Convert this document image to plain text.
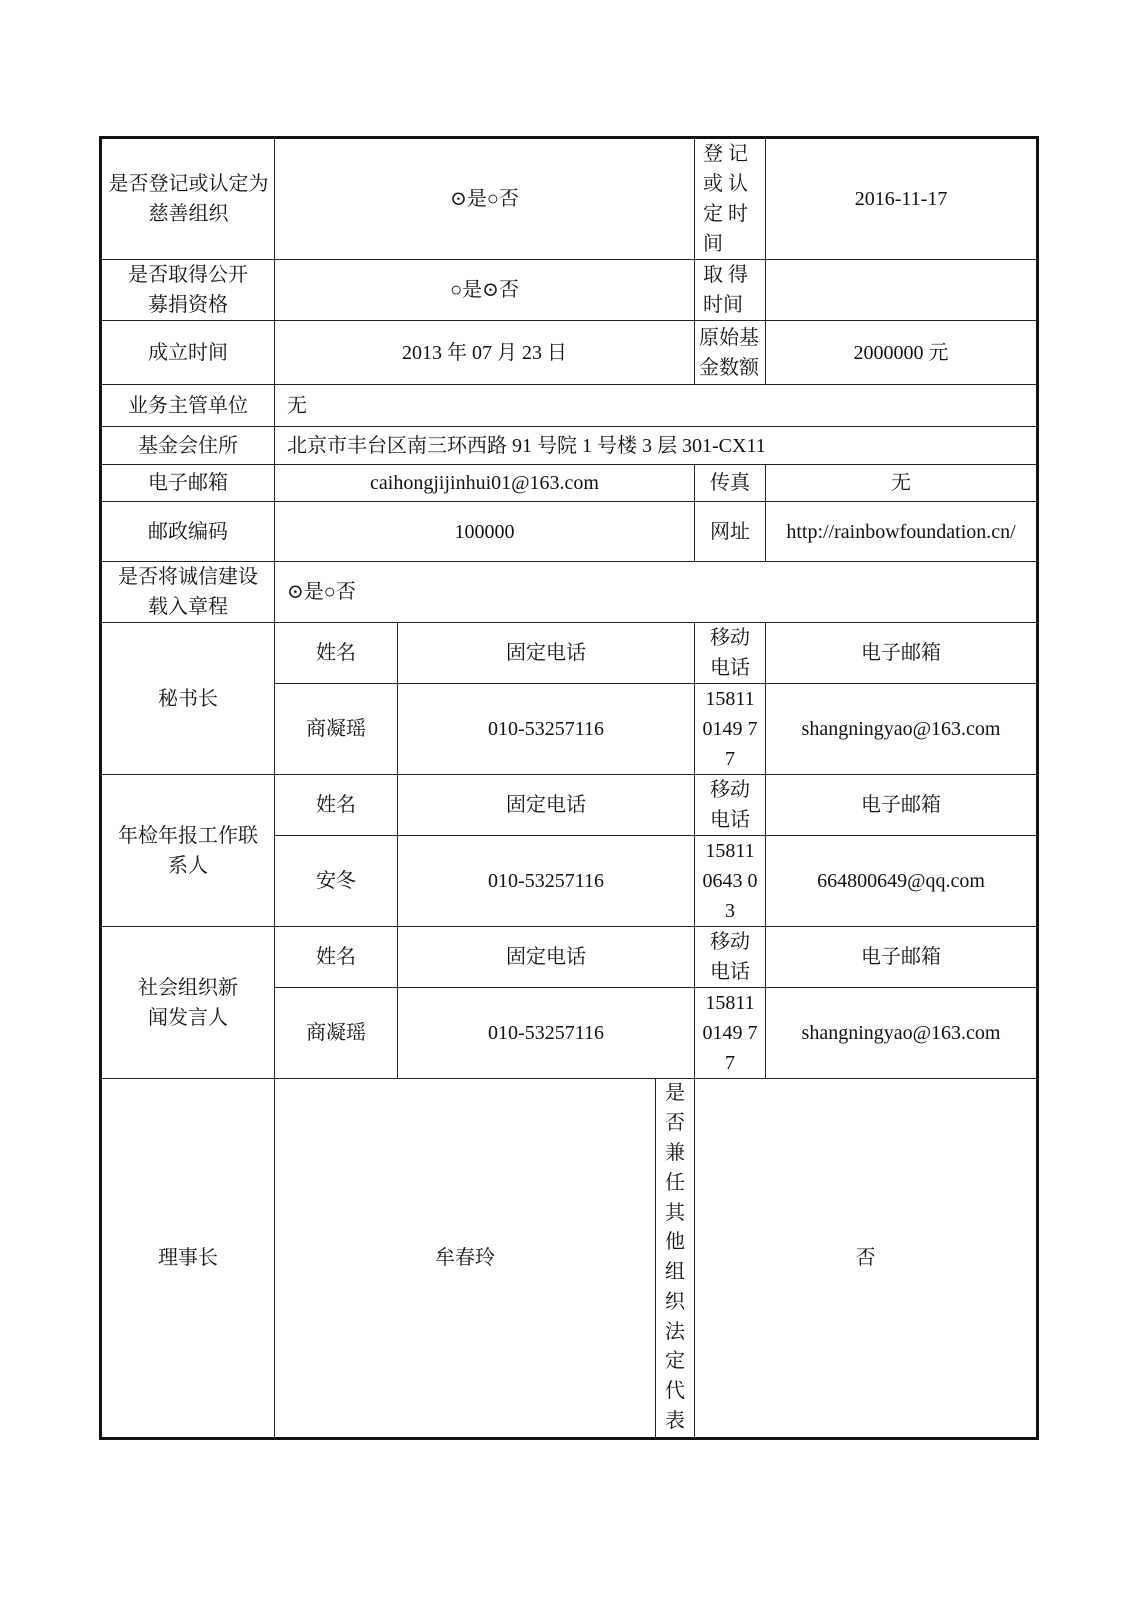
是否登记或认定为慈善组织	⊙是○否			登 记 或 认 定 时 间	2016-11-17

是否取得公开募捐资格	○是⊙否			取 得 时间	

成立时间	2013 年 07 月 23 日			原始基金数额	2000000 元
业务主管单位	无				
基金会住所	北京市丰台区南三环西路 91 号院 1 号楼 3 层 301-CX11				
电子邮箱	caihongjijinhui01@163.com			传真	无
邮政编码	100000			网址	http://rainbowfoundation.cn/

是否将诚信建设载入章程	⊙是○否				
秘书长	姓名	固定电话		移动电话	电子邮箱
	商凝瑶	010-53257116		158110149 77	shangningyao@163.com

年检年报工作联系人	姓名	固定电话		移动电话	电子邮箱
	安冬	010-53257116		158110643 03	664800649@qq.com

社会组织新闻发言人	姓名	固定电话		移动电话	电子邮箱
	商凝瑶	010-53257116		158110149 77	shangningyao@163.com
理事长	牟春玲		是否兼任其他组织法定代表	否	
